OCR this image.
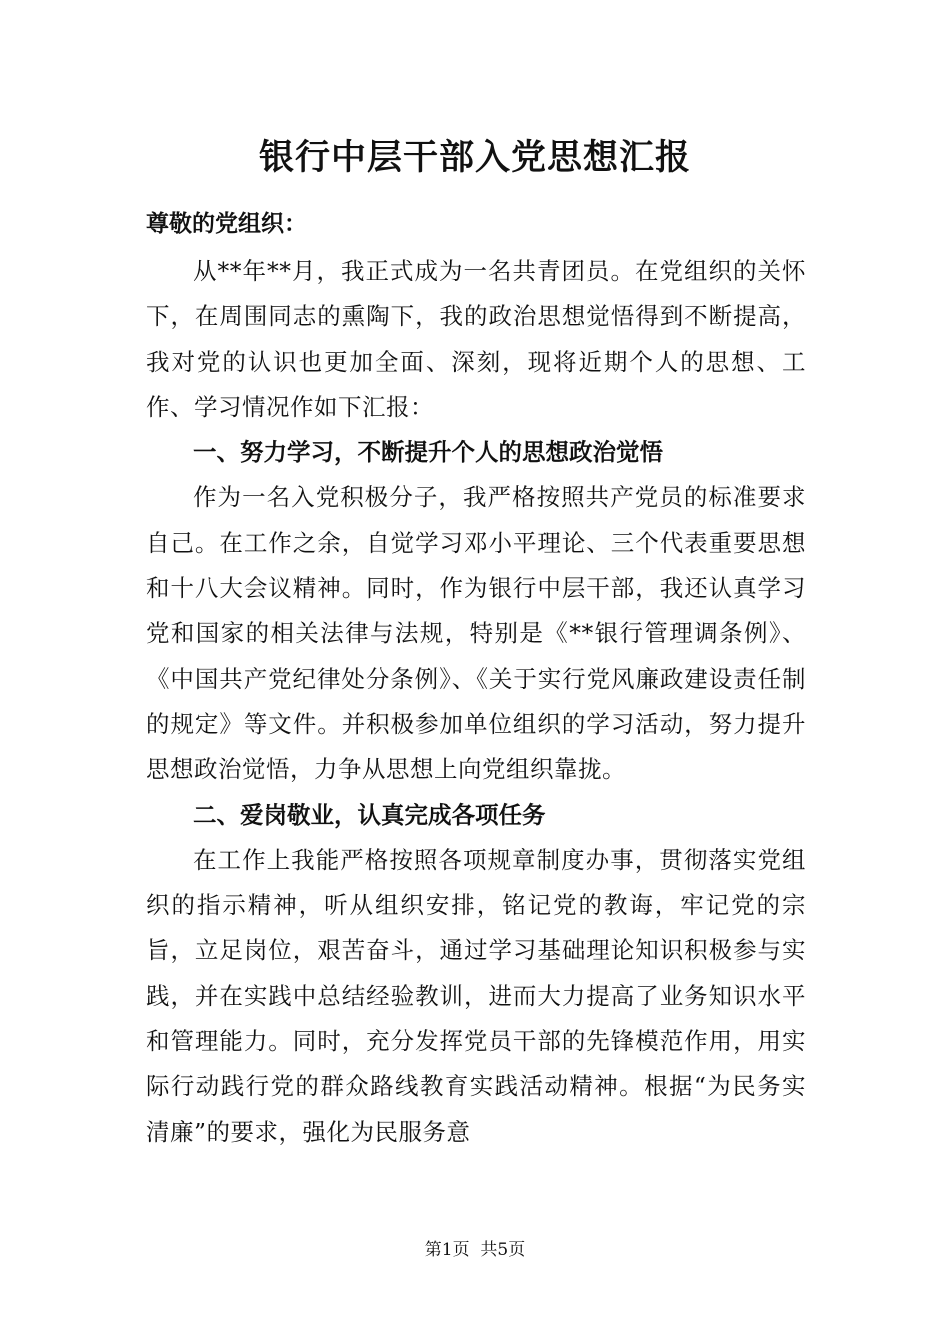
银行中层干部入党思想汇报
尊敬的党组织：

从**年**月，我正式成为一名共青团员。在党组织的关怀下，在周围同志的熏陶下，我的政治思想觉悟得到不断提高，我对党的认识也更加全面、深刻，现将近期个人的思想、工作、学习情况作如下汇报：

一、努力学习，不断提升个人的思想政治觉悟

作为一名入党积极分子，我严格按照共产党员的标准要求自己。在工作之余，自觉学习邓小平理论、三个代表重要思想和十八大会议精神。同时，作为银行中层干部，我还认真学习党和国家的相关法律与法规，特别是《**银行管理调条例》、《中国共产党纪律处分条例》、《关于实行党风廉政建设责任制的规定》等文件。并积极参加单位组织的学习活动，努力提升思想政治觉悟，力争从思想上向党组织靠拢。

二、爱岗敬业，认真完成各项任务

在工作上我能严格按照各项规章制度办事，贯彻落实党组织的指示精神，听从组织安排，铭记党的教诲，牢记党的宗旨，立足岗位，艰苦奋斗，通过学习基础理论知识积极参与实践，并在实践中总结经验教训，进而大力提高了业务知识水平和管理能力。同时，充分发挥党员干部的先锋模范作用，用实际行动践行党的群众路线教育实践活动精神。根据“为民务实清廉”的要求，强化为民服务意

第1页  共5页
